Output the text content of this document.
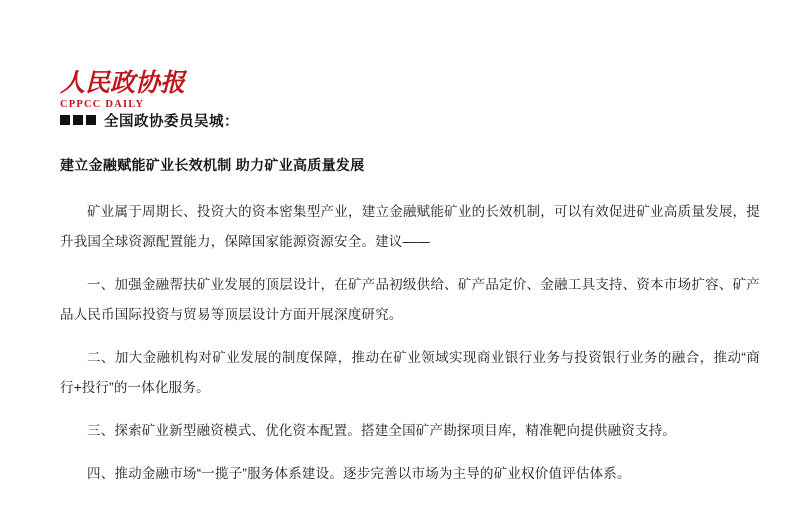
人民政协报
CPPCC DAILY
全国政协委员吴城：
建立金融赋能矿业长效机制 助力矿业高质量发展

矿业属于周期长、投资大的资本密集型产业，建立金融赋能矿业的长效机制，可以有效促进矿业高质量发展，提升我国全球资源配置能力，保障国家能源资源安全。建议——

一、加强金融帮扶矿业发展的顶层设计，在矿产品初级供给、矿产品定价、金融工具支持、资本市场扩容、矿产品人民币国际投资与贸易等顶层设计方面开展深度研究。

二、加大金融机构对矿业发展的制度保障，推动在矿业领域实现商业银行业务与投资银行业务的融合，推动“商行+投行”的一体化服务。

三、探索矿业新型融资模式、优化资本配置。搭建全国矿产勘探项目库，精准靶向提供融资支持。

四、推动金融市场“一揽子”服务体系建设。逐步完善以市场为主导的矿业权价值评估体系。
